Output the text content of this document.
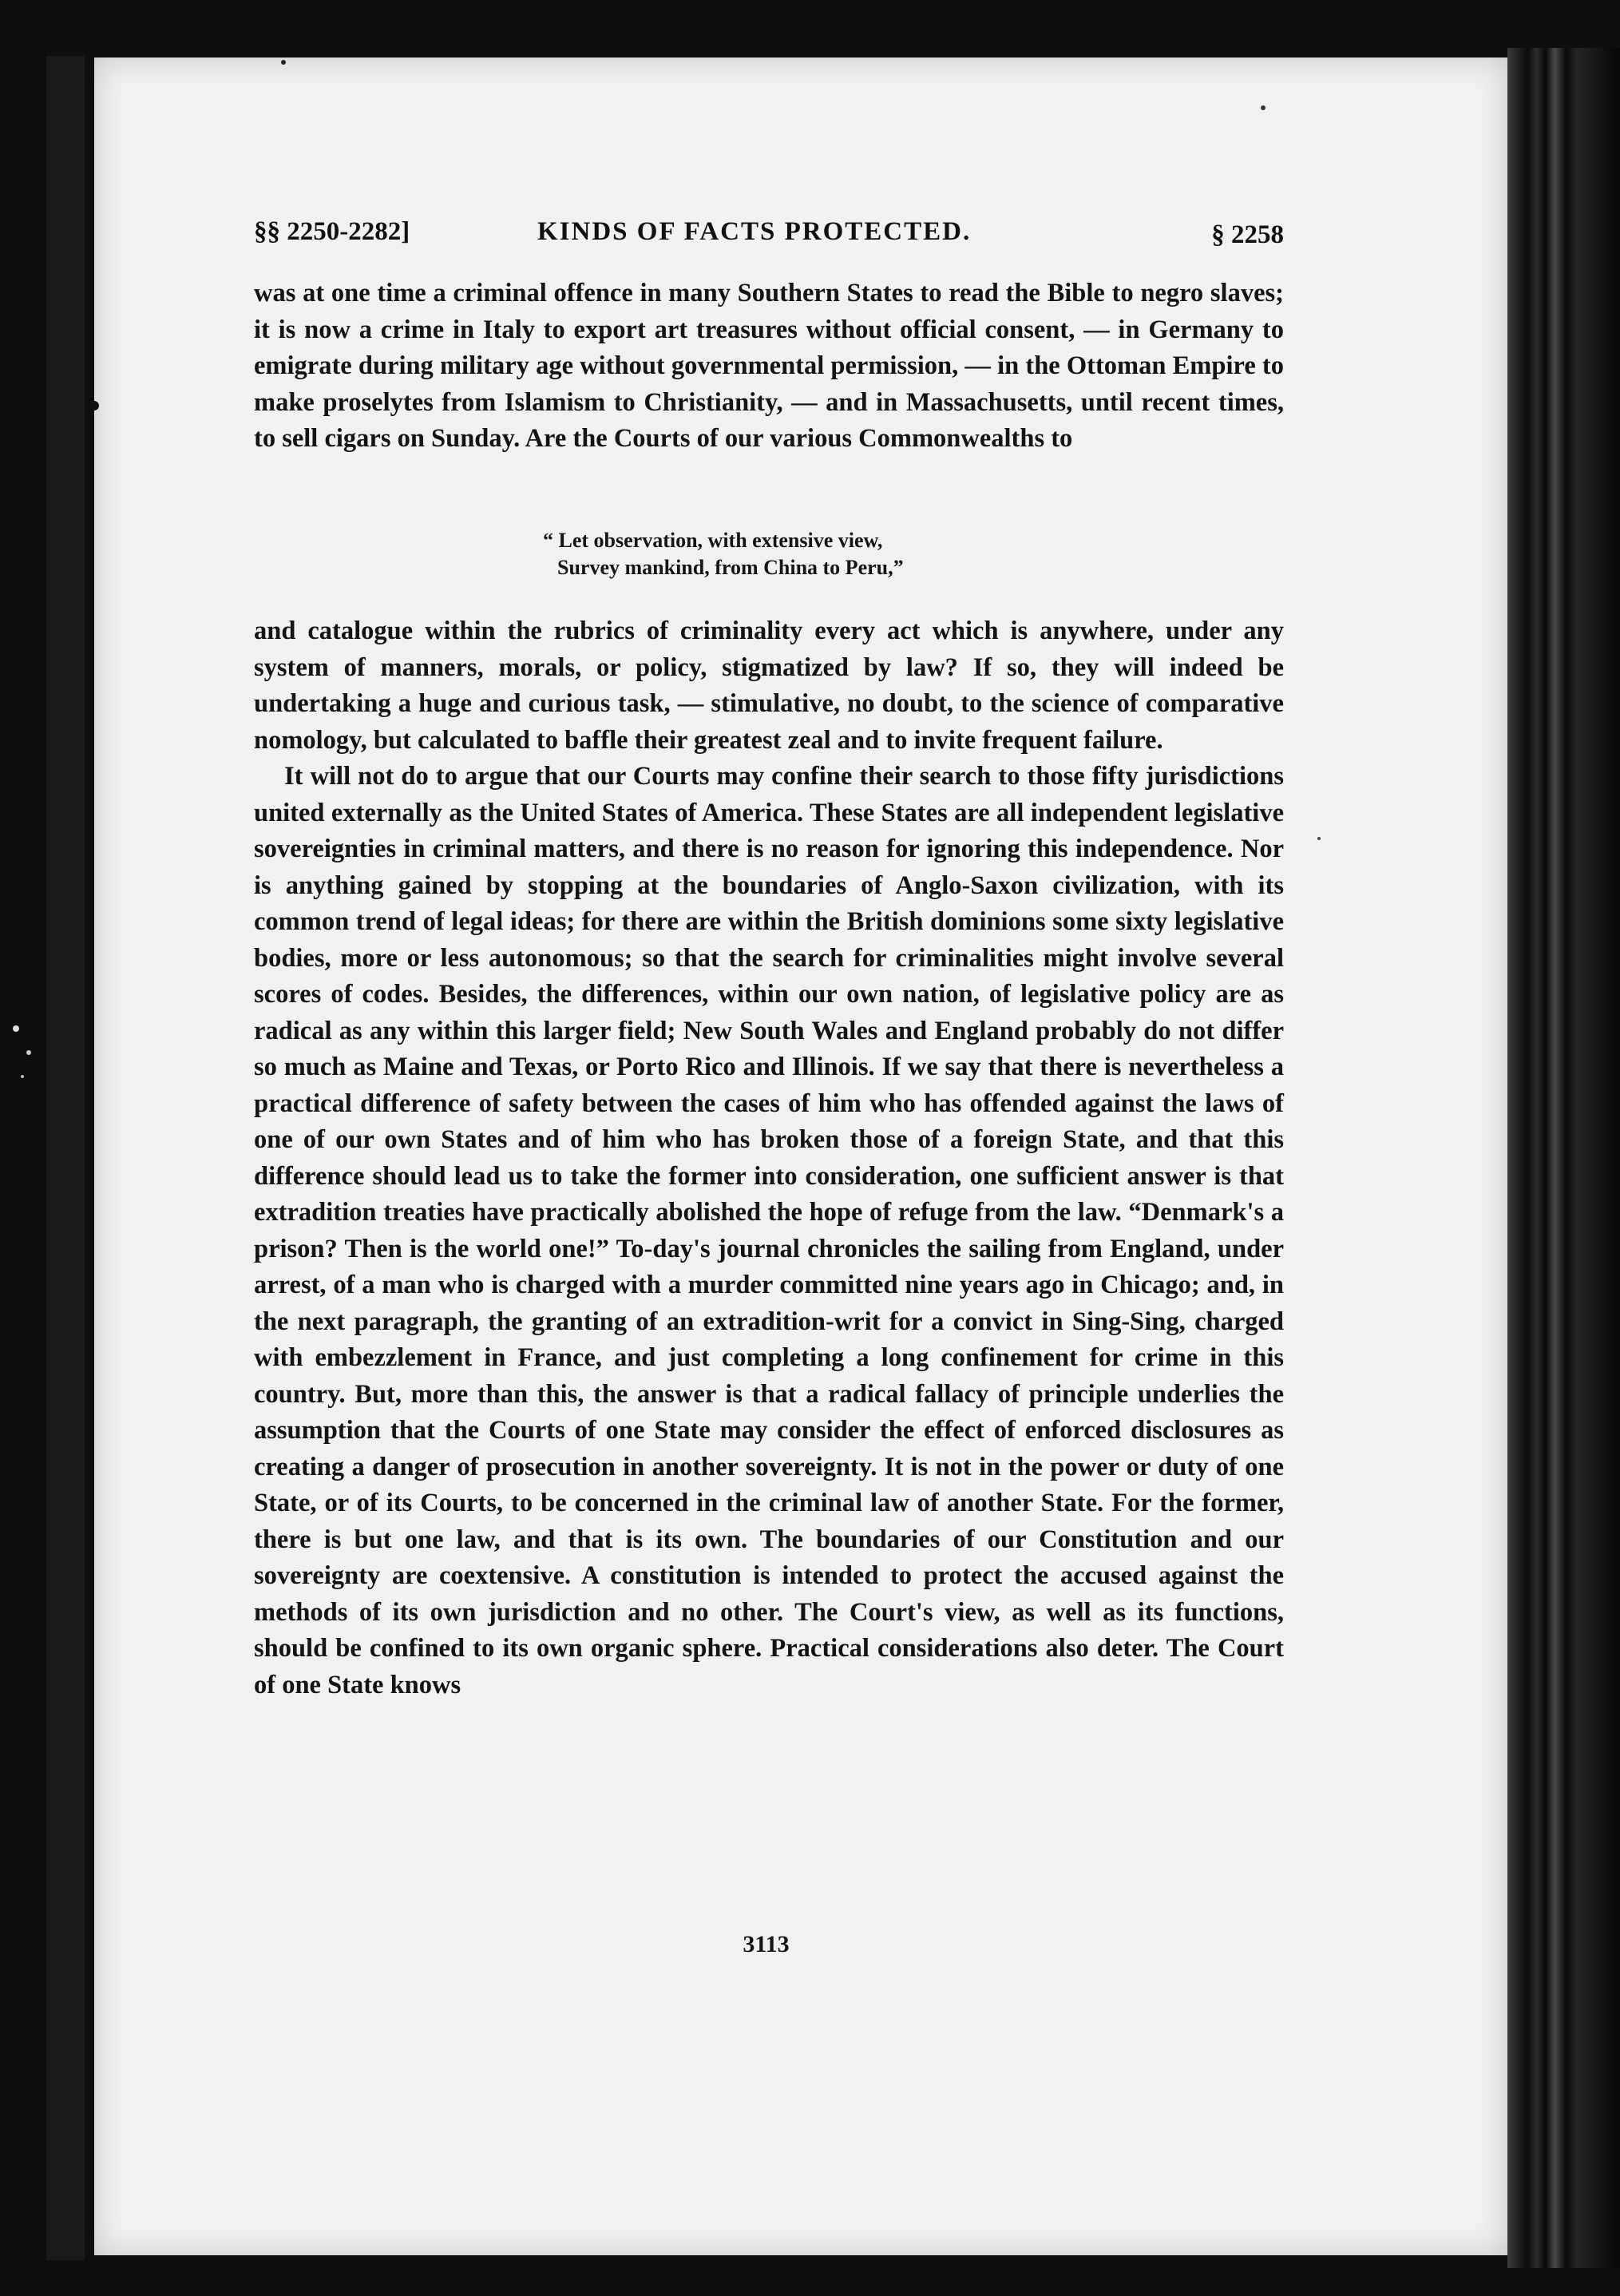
§§ 2250-2282]	KINDS OF FACTS PROTECTED.	§ 2258

was at one time a criminal offence in many Southern States to read the Bible to negro slaves; it is now a crime in Italy to export art treasures without official consent, — in Germany to emigrate during military age without governmental permission, — in the Ottoman Empire to make proselytes from Islamism to Christianity, — and in Massachusetts, until recent times, to sell cigars on Sunday. Are the Courts of our various Commonwealths to

“ Let observation, with extensive view,
Survey mankind, from China to Peru,”

and catalogue within the rubrics of criminality every act which is anywhere, under any system of manners, morals, or policy, stigmatized by law? If so, they will indeed be undertaking a huge and curious task, — stimulative, no doubt, to the science of comparative nomology, but calculated to baffle their greatest zeal and to invite frequent failure.

It will not do to argue that our Courts may confine their search to those fifty jurisdictions united externally as the United States of America. These States are all independent legislative sovereignties in criminal matters, and there is no reason for ignoring this independence. Nor is anything gained by stopping at the boundaries of Anglo-Saxon civilization, with its common trend of legal ideas; for there are within the British dominions some sixty legislative bodies, more or less autonomous; so that the search for criminalities might involve several scores of codes. Besides, the differences, within our own nation, of legislative policy are as radical as any within this larger field; New South Wales and England probably do not differ so much as Maine and Texas, or Porto Rico and Illinois. If we say that there is nevertheless a practical difference of safety between the cases of him who has offended against the laws of one of our own States and of him who has broken those of a foreign State, and that this difference should lead us to take the former into consideration, one sufficient answer is that extradition treaties have practically abolished the hope of refuge from the law. “Denmark's a prison? Then is the world one!” To-day's journal chronicles the sailing from England, under arrest, of a man who is charged with a murder committed nine years ago in Chicago; and, in the next paragraph, the granting of an extradition-writ for a convict in Sing-Sing, charged with embezzlement in France, and just completing a long confinement for crime in this country. But, more than this, the answer is that a radical fallacy of principle underlies the assumption that the Courts of one State may consider the effect of enforced disclosures as creating a danger of prosecution in another sovereignty. It is not in the power or duty of one State, or of its Courts, to be concerned in the criminal law of another State. For the former, there is but one law, and that is its own. The boundaries of our Constitution and our sovereignty are coextensive. A constitution is intended to protect the accused against the methods of its own jurisdiction and no other. The Court's view, as well as its functions, should be confined to its own organic sphere. Practical considerations also deter. The Court of one State knows

3113
